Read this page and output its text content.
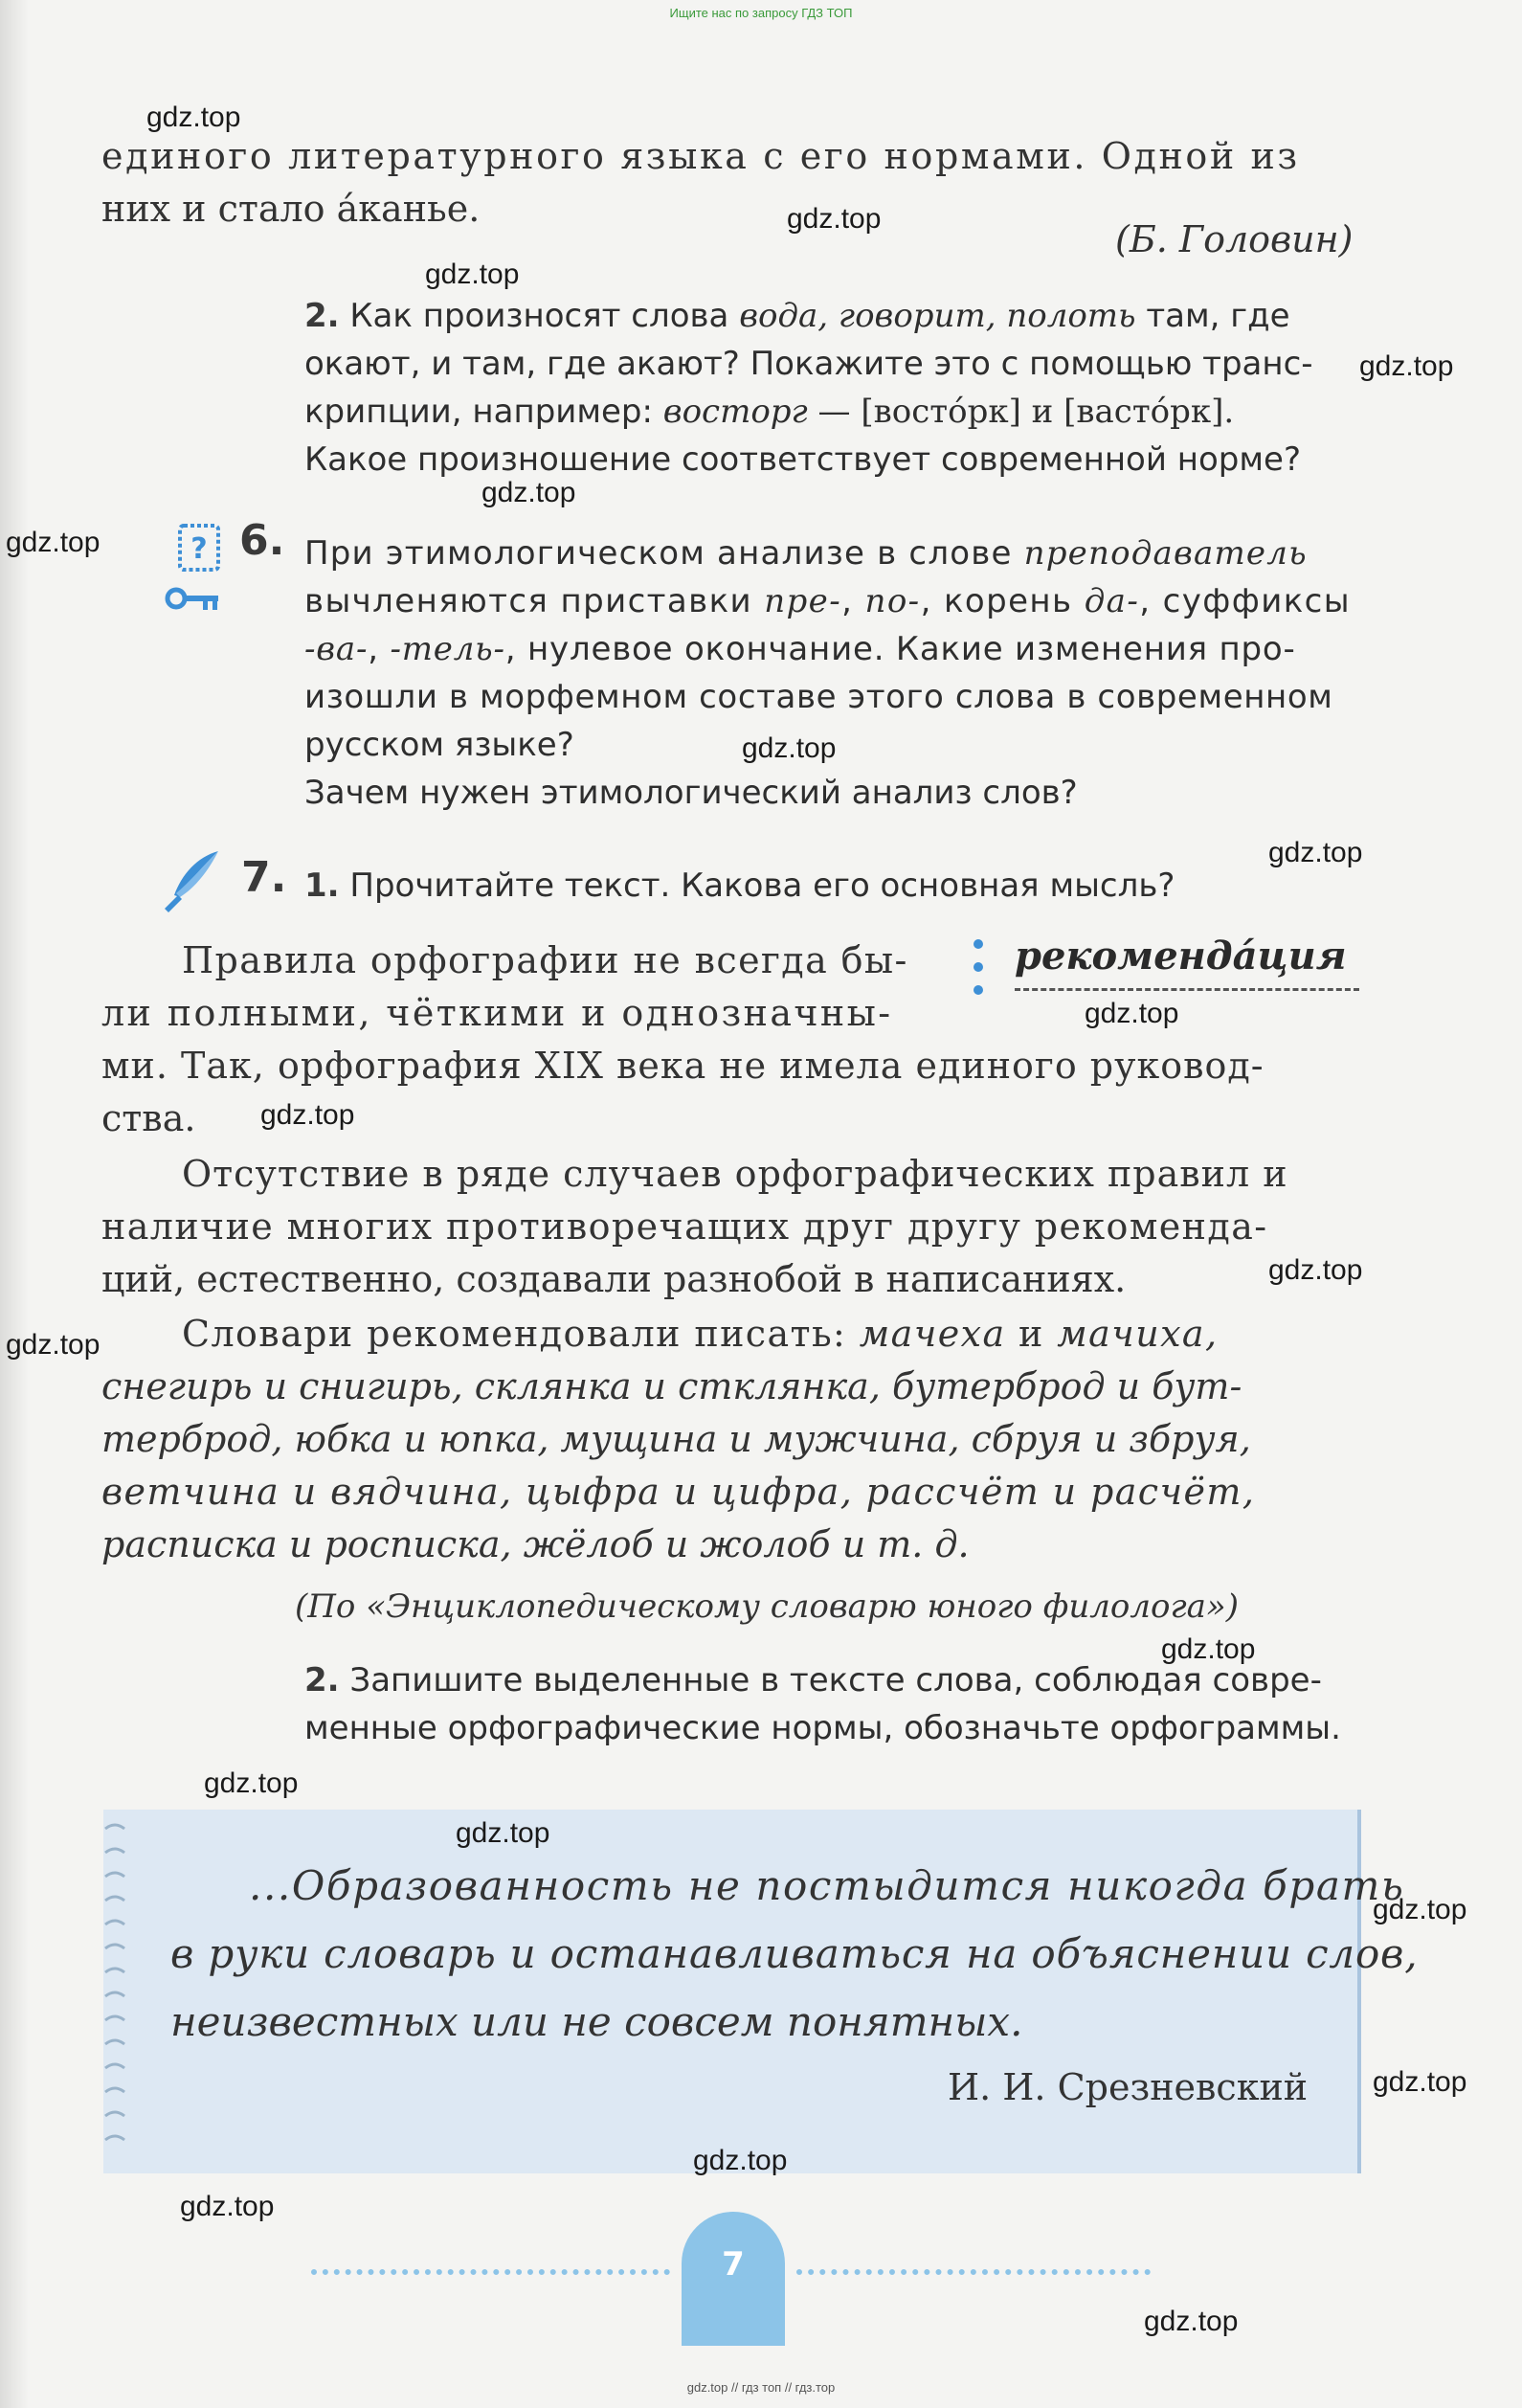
Ищите нас по запросу ГДЗ ТОП
единого литературного языка с его нормами. Одной из
них и стало а́канье.
(Б. Головин)
2. Как произносят слова вода, говорит, полоть там, где
окают, и там, где акают? Покажите это с помощью транс-
крипции, например: восторг — [восто́рк] и [васто́рк].
Какое произношение соответствует современной норме?
? 6. При этимологическом анализе в слове преподаватель
вычленяются приставки пре-, по-, корень да-, суффиксы
-ва-, -тель-, нулевое окончание. Какие изменения про-
изошли в морфемном составе этого слова в современном
русском языке?
Зачем нужен этимологический анализ слов?
7. 1. Прочитайте текст. Какова его основная мысль?
рекомендáция
Правила орфографии не всегда бы-
ли полными, чёткими и однозначны-
ми. Так, орфография XIX века не имела единого руковод-
ства.
Отсутствие в ряде случаев орфографических правил и
наличие многих противоречащих друг другу рекоменда-
ций, естественно, создавали разнобой в написаниях.
Словари рекомендовали писать: мачеха и мачиха,
снегирь и снигирь, склянка и стклянка, бутерброд и бут-
терброд, юбка и юпка, мущина и мужчина, сбруя и збруя,
ветчина и вядчина, цыфра и цифра, рассчёт и расчёт,
расписка и росписка, жёлоб и жолоб и т. д.
(По «Энциклопедическому словарю юного филолога»)
2. Запишите выделенные в тексте слова, соблюдая совре-
менные орфографические нормы, обозначьте орфограммы.
...Образованность не постыдится никогда брать
в руки словарь и останавливаться на объяснении слов,
неизвестных или не совсем понятных.
И. И. Срезневский
7
gdz.top
gdz.top
gdz.top
gdz.top
gdz.top
gdz.top
gdz.top
gdz.top
gdz.top
gdz.top
gdz.top
gdz.top
gdz.top
gdz.top
gdz.top
gdz.top
gdz.top
gdz.top
gdz.top
gdz.top
gdz.top // гдз топ // гдз.тор
